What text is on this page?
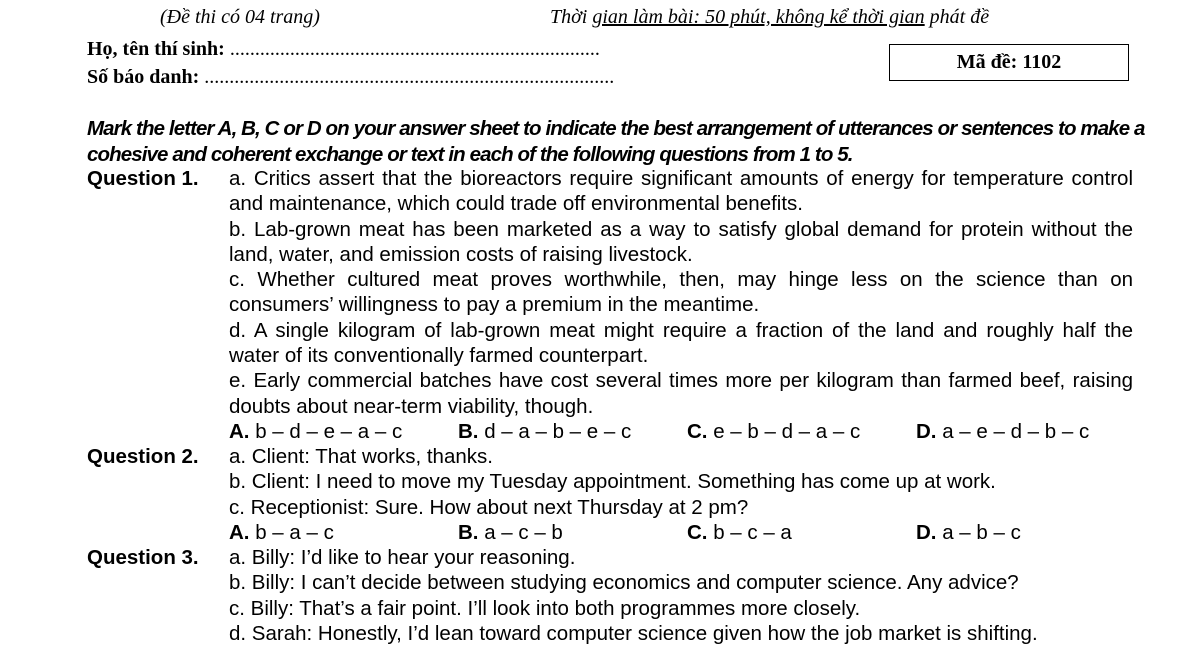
(Đề thi có 04 trang)	Thời gian làm bài: 50 phút, không kể thời gian phát đề
Họ, tên thí sinh: ..........................................................................
Số báo danh: ..................................................................................
Mã đề: 1102
Mark the letter A, B, C or D on your answer sheet to indicate the best arrangement of utterances or sentences to make a cohesive and coherent exchange or text in each of the following questions from 1 to 5.
Question 1. a. Critics assert that the bioreactors require significant amounts of energy for temperature control and maintenance, which could trade off environmental benefits.

b. Lab-grown meat has been marketed as a way to satisfy global demand for protein without the land, water, and emission costs of raising livestock.

c. Whether cultured meat proves worthwhile, then, may hinge less on the science than on consumers’ willingness to pay a premium in the meantime.

d. A single kilogram of lab-grown meat might require a fraction of the land and roughly half the water of its conventionally farmed counterpart.

e. Early commercial batches have cost several times more per kilogram than farmed beef, raising doubts about near-term viability, though.

A. b – d – e – a – c	B. d – a – b – e – c	C. e – b – d – a – c	D. a – e – d – b – c
Question 2. a. Client: That works, thanks.

b. Client: I need to move my Tuesday appointment. Something has come up at work.

c. Receptionist: Sure. How about next Thursday at 2 pm?

A. b – a – c	B. a – c – b	C. b – c – a	D. a – b – c
Question 3. a. Billy: I’d like to hear your reasoning.

b. Billy: I can’t decide between studying economics and computer science. Any advice?

c. Billy: That’s a fair point. I’ll look into both programmes more closely.

d. Sarah: Honestly, I’d lean toward computer science given how the job market is shifting.
